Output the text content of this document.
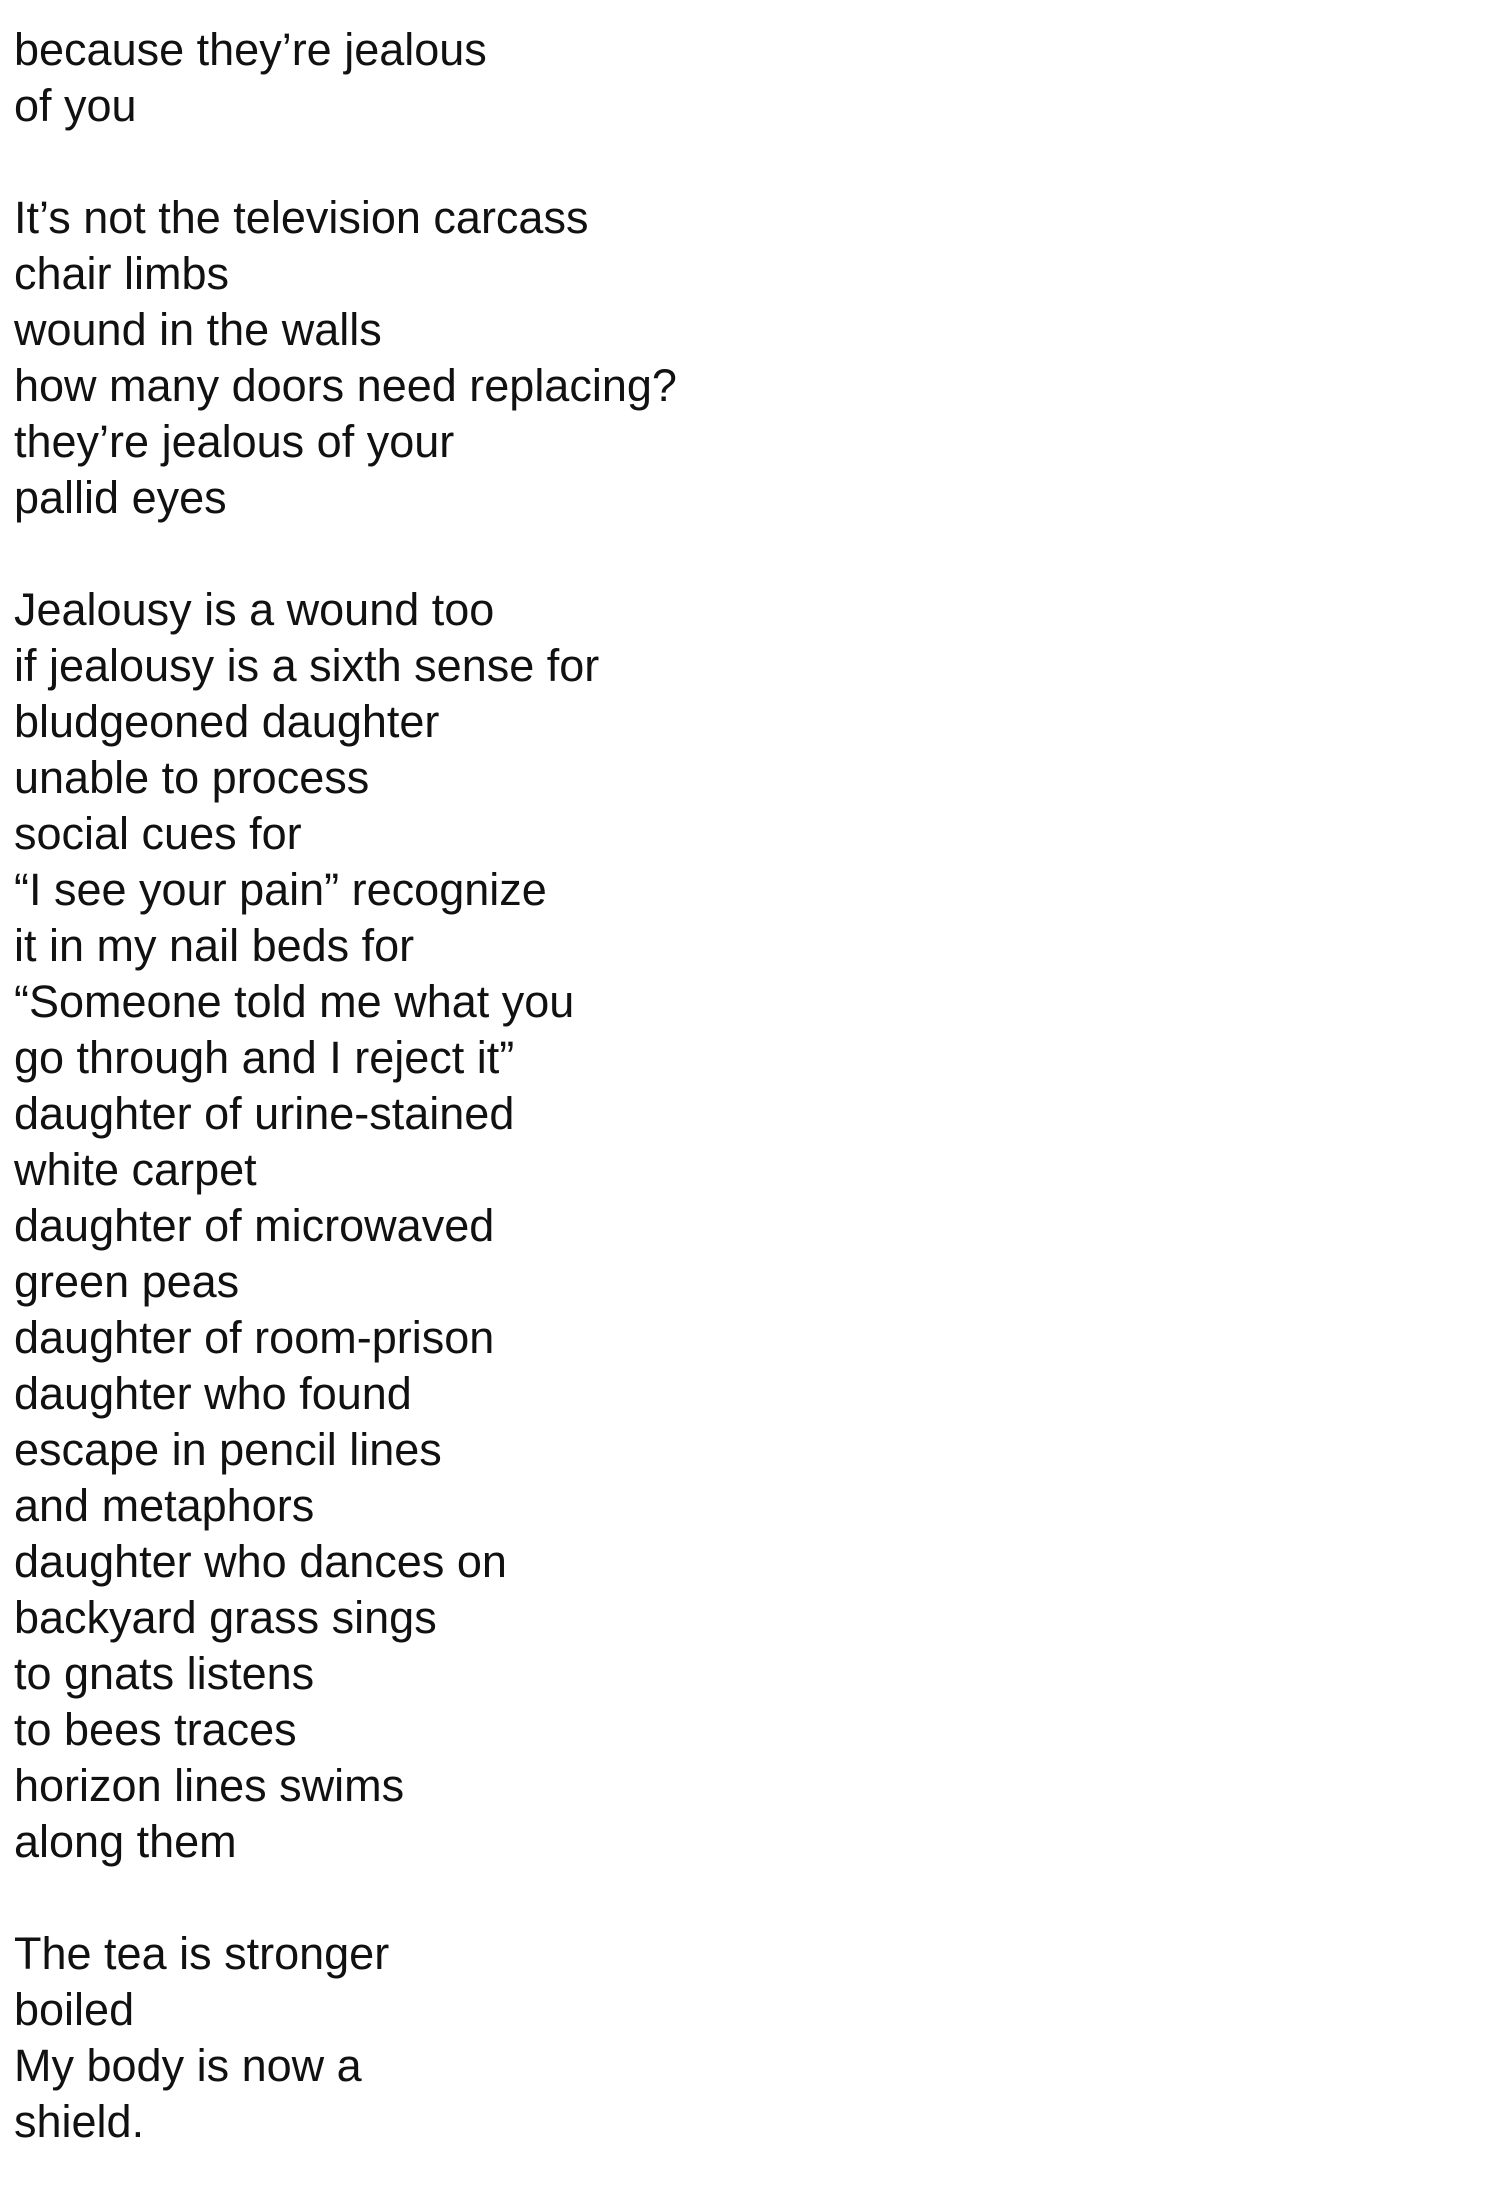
because they’re jealous
of you
It’s not the television carcass
chair limbs
wound in the walls
how many doors need replacing?
they’re jealous of your
pallid eyes
Jealousy is a wound too
if jealousy is a sixth sense for
bludgeoned daughter
unable to process
social cues for
“I see your pain” recognize
it in my nail beds for
“Someone told me what you
go through and I reject it”
daughter of urine-stained
white carpet
daughter of microwaved
green peas
daughter of room-prison
daughter who found
escape in pencil lines
and metaphors
daughter who dances on
backyard grass sings
to gnats listens
to bees traces
horizon lines swims
along them
The tea is stronger
boiled
My body is now a
shield.
